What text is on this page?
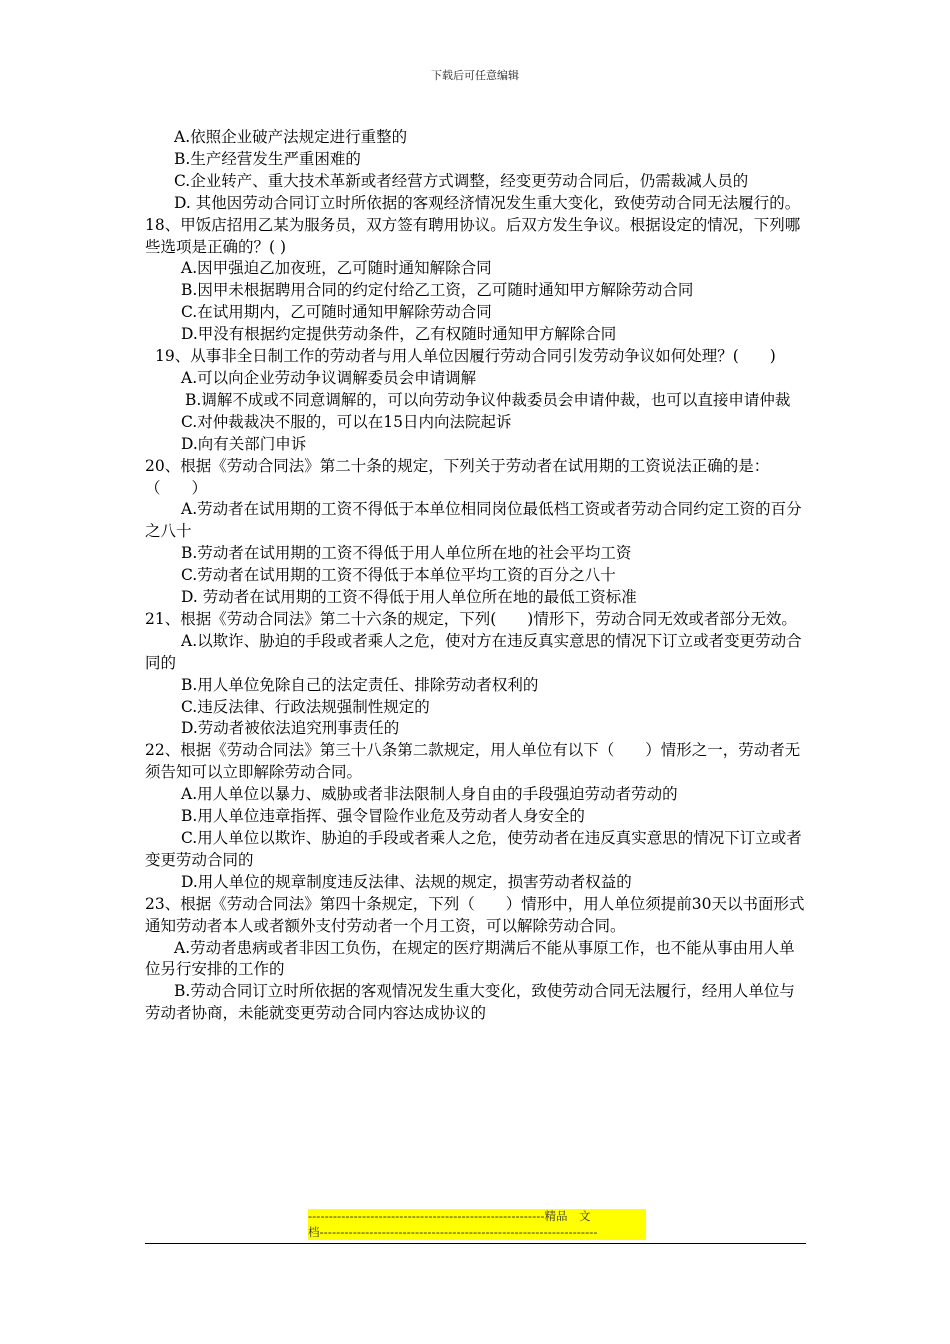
下载后可任意编辑

A.依照企业破产法规定进行重整的

B.生产经营发生严重困难的

C.企业转产、重大技术革新或者经营方式调整，经变更劳动合同后，仍需裁减人员的

D. 其他因劳动合同订立时所依据的客观经济情况发生重大变化，致使劳动合同无法履行的。

18、甲饭店招用乙某为服务员，双方签有聘用协议。后双方发生争议。根据设定的情况，下列哪些选项是正确的？( )

A.因甲强迫乙加夜班，乙可随时通知解除合同

B.因甲未根据聘用合同的约定付给乙工资，乙可随时通知甲方解除劳动合同

C.在试用期内，乙可随时通知甲解除劳动合同

D.甲没有根据约定提供劳动条件，乙有权随时通知甲方解除合同

19、从事非全日制工作的劳动者与用人单位因履行劳动合同引发劳动争议如何处理？(　　)

A.可以向企业劳动争议调解委员会申请调解

B.调解不成或不同意调解的，可以向劳动争议仲裁委员会申请仲裁，也可以直接申请仲裁

C.对仲裁裁决不服的，可以在15日内向法院起诉

D.向有关部门申诉

20、根据《劳动合同法》第二十条的规定，下列关于劳动者在试用期的工资说法正确的是：（　　）

A.劳动者在试用期的工资不得低于本单位相同岗位最低档工资或者劳动合同约定工资的百分之八十

B.劳动者在试用期的工资不得低于用人单位所在地的社会平均工资

C.劳动者在试用期的工资不得低于本单位平均工资的百分之八十

D. 劳动者在试用期的工资不得低于用人单位所在地的最低工资标准

21、根据《劳动合同法》第二十六条的规定，下列(　　)情形下，劳动合同无效或者部分无效。

A.以欺诈、胁迫的手段或者乘人之危，使对方在违反真实意思的情况下订立或者变更劳动合同的

B.用人单位免除自己的法定责任、排除劳动者权利的

C.违反法律、行政法规强制性规定的

D.劳动者被依法追究刑事责任的

22、根据《劳动合同法》第三十八条第二款规定，用人单位有以下（　　）情形之一，劳动者无须告知可以立即解除劳动合同。

A.用人单位以暴力、威胁或者非法限制人身自由的手段强迫劳动者劳动的

B.用人单位违章指挥、强令冒险作业危及劳动者人身安全的

C.用人单位以欺诈、胁迫的手段或者乘人之危，使劳动者在违反真实意思的情况下订立或者变更劳动合同的

D.用人单位的规章制度违反法律、法规的规定，损害劳动者权益的

23、根据《劳动合同法》第四十条规定，下列（　　）情形中，用人单位须提前30天以书面形式通知劳动者本人或者额外支付劳动者一个月工资，可以解除劳动合同。

A.劳动者患病或者非因工负伤，在规定的医疗期满后不能从事原工作，也不能从事由用人单位另行安排的工作的

B.劳动合同订立时所依据的客观情况发生重大变化，致使劳动合同无法履行，经用人单位与劳动者协商，未能就变更劳动合同内容达成协议的

---------------------------------------------------------精品　文
档-------------------------------------------------------------------
